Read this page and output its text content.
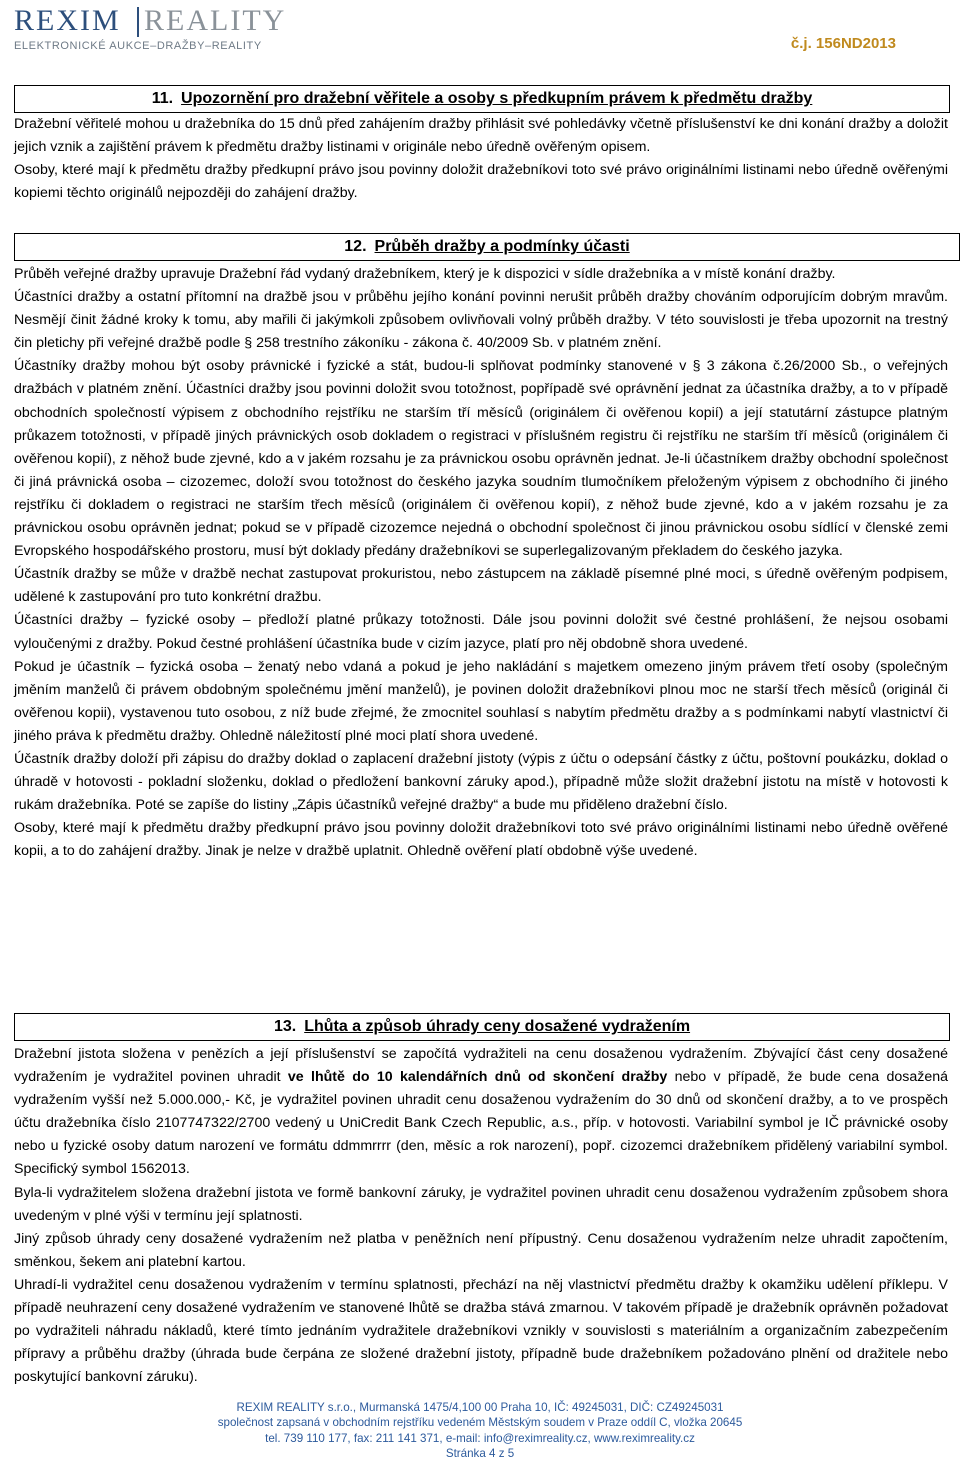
REXIM REALITY
ELEKTRONICKÉ AUKCE–DRAŽBY–REALITY	č.j. 156ND2013
11. Upozornění pro dražební věřitele a osoby s předkupním právem k předmětu dražby

Dražební věřitelé mohou u dražebníka do 15 dnů před zahájením dražby přihlásit své pohledávky včetně příslušenství ke dni konání dražby a doložit jejich vznik a zajištění právem k předmětu dražby listinami v originále nebo úředně ověřeným opisem.

Osoby, které mají k předmětu dražby předkupní právo jsou povinny doložit dražebníkovi toto své právo originálními listinami nebo úředně ověřenými kopiemi těchto originálů nejpozději do zahájení dražby.

12. Průběh dražby a podmínky účasti

Průběh veřejné dražby upravuje Dražební řád vydaný dražebníkem, který je k dispozici v sídle dražebníka a v místě konání dražby.

Účastníci dražby a ostatní přítomní na dražbě jsou v průběhu jejího konání povinni nerušit průběh dražby chováním odporujícím dobrým mravům. Nesmějí činit žádné kroky k tomu, aby mařili či jakýmkoli způsobem ovlivňovali volný průběh dražby. V této souvislosti je třeba upozornit na trestný čin pletichy při veřejné dražbě podle § 258 trestního zákoníku - zákona č. 40/2009 Sb. v platném znění.

Účastníky dražby mohou být osoby právnické i fyzické a stát, budou-li splňovat podmínky stanovené v § 3 zákona č.26/2000 Sb., o veřejných dražbách v platném znění. Účastníci dražby jsou povinni doložit svou totožnost, popřípadě své oprávnění jednat za účastníka dražby, a to v případě obchodních společností výpisem z obchodního rejstříku ne starším tří měsíců (originálem či ověřenou kopií) a její statutární zástupce platným průkazem totožnosti, v případě jiných právnických osob dokladem o registraci v příslušném registru či rejstříku ne starším tří měsíců (originálem či ověřenou kopií), z něhož bude zjevné, kdo a v jakém rozsahu je za právnickou osobu oprávněn jednat. Je-li účastníkem dražby obchodní společnost či jiná právnická osoba – cizozemec, doloží svou totožnost do českého jazyka soudním tlumočníkem přeloženým výpisem z obchodního či jiného rejstříku či dokladem o registraci ne starším třech měsíců (originálem či ověřenou kopií), z něhož bude zjevné, kdo a v jakém rozsahu je za právnickou osobu oprávněn jednat; pokud se v případě cizozemce nejedná o obchodní společnost či jinou právnickou osobu sídlící v členské zemi Evropského hospodářského prostoru, musí být doklady předány dražebníkovi se superlegalizovaným překladem do českého jazyka.

Účastník dražby se může v dražbě nechat zastupovat prokuristou, nebo zástupcem na základě písemné plné moci, s úředně ověřeným podpisem, udělené k zastupování pro tuto konkrétní dražbu.

Účastníci dražby – fyzické osoby – předloží platné průkazy totožnosti. Dále jsou povinni doložit své čestné prohlášení, že nejsou osobami vyloučenými z dražby. Pokud čestné prohlášení účastníka bude v cizím jazyce, platí pro něj obdobně shora uvedené.

Pokud je účastník – fyzická osoba – ženatý nebo vdaná a pokud je jeho nakládání s majetkem omezeno jiným právem třetí osoby (společným jměním manželů či právem obdobným společnému jmění manželů), je povinen doložit dražebníkovi plnou moc ne starší třech měsíců (originál či ověřenou kopii), vystavenou tuto osobou, z níž bude zřejmé, že zmocnitel souhlasí s nabytím předmětu dražby a s podmínkami nabytí vlastnictví či jiného práva k předmětu dražby. Ohledně náležitostí plné moci platí shora uvedené.

Účastník dražby doloží při zápisu do dražby doklad o zaplacení dražební jistoty (výpis z účtu o odepsání částky z účtu, poštovní poukázku, doklad o úhradě v hotovosti - pokladní složenku, doklad o předložení bankovní záruky apod.), případně může složit dražební jistotu na místě v hotovosti k rukám dražebníka. Poté se zapíše do listiny „Zápis účastníků veřejné dražby“ a bude mu přiděleno dražební číslo.

Osoby, které mají k předmětu dražby předkupní právo jsou povinny doložit dražebníkovi toto své právo originálními listinami nebo úředně ověřené kopii, a to do zahájení dražby. Jinak je nelze v dražbě uplatnit. Ohledně ověření platí obdobně výše uvedené.

13. Lhůta a způsob úhrady ceny dosažené vydražením

Dražební jistota složena v penězích a její příslušenství se započítá vydražiteli na cenu dosaženou vydražením. Zbývající část ceny dosažené vydražením je vydražitel povinen uhradit ve lhůtě do 10 kalendářních dnů od skončení dražby nebo v případě, že bude cena dosažená vydražením vyšší než 5.000.000,- Kč, je vydražitel povinen uhradit cenu dosaženou vydražením do 30 dnů od skončení dražby, a to ve prospěch účtu dražebníka číslo 2107747322/2700 vedený u UniCredit Bank Czech Republic, a.s., příp. v hotovosti. Variabilní symbol je IČ právnické osoby nebo u fyzické osoby datum narození ve formátu ddmmrrrr (den, měsíc a rok narození), popř. cizozemci dražebníkem přidělený variabilní symbol. Specifický symbol 1562013.

Byla-li vydražitelem složena dražební jistota ve formě bankovní záruky, je vydražitel povinen uhradit cenu dosaženou vydražením způsobem shora uvedeným v plné výši v termínu její splatnosti.

Jiný způsob úhrady ceny dosažené vydražením než platba v peněžních není přípustný. Cenu dosaženou vydražením nelze uhradit započtením, směnkou, šekem ani platební kartou.

Uhradí-li vydražitel cenu dosaženou vydražením v termínu splatnosti, přechází na něj vlastnictví předmětu dražby k okamžiku udělení příklepu. V případě neuhrazení ceny dosažené vydražením ve stanovené lhůtě se dražba stává zmarnou. V takovém případě je dražebník oprávněn požadovat po vydražiteli náhradu nákladů, které tímto jednáním vydražitele dražebníkovi vznikly v souvislosti s materiálním a organizačním zabezpečením přípravy a průběhu dražby (úhrada bude čerpána ze složené dražební jistoty, případně bude dražebníkem požadováno plnění od dražitele nebo poskytující bankovní záruku).

REXIM REALITY s.r.o., Murmanská 1475/4,100 00 Praha 10, IČ: 49245031, DIČ: CZ49245031
společnost zapsaná v obchodním rejstříku vedeném Městským soudem v Praze oddíl C, vložka 20645
tel. 739 110 177, fax: 211 141 371, e-mail: info@reximreality.cz, www.reximreality.cz
Stránka 4 z 5
